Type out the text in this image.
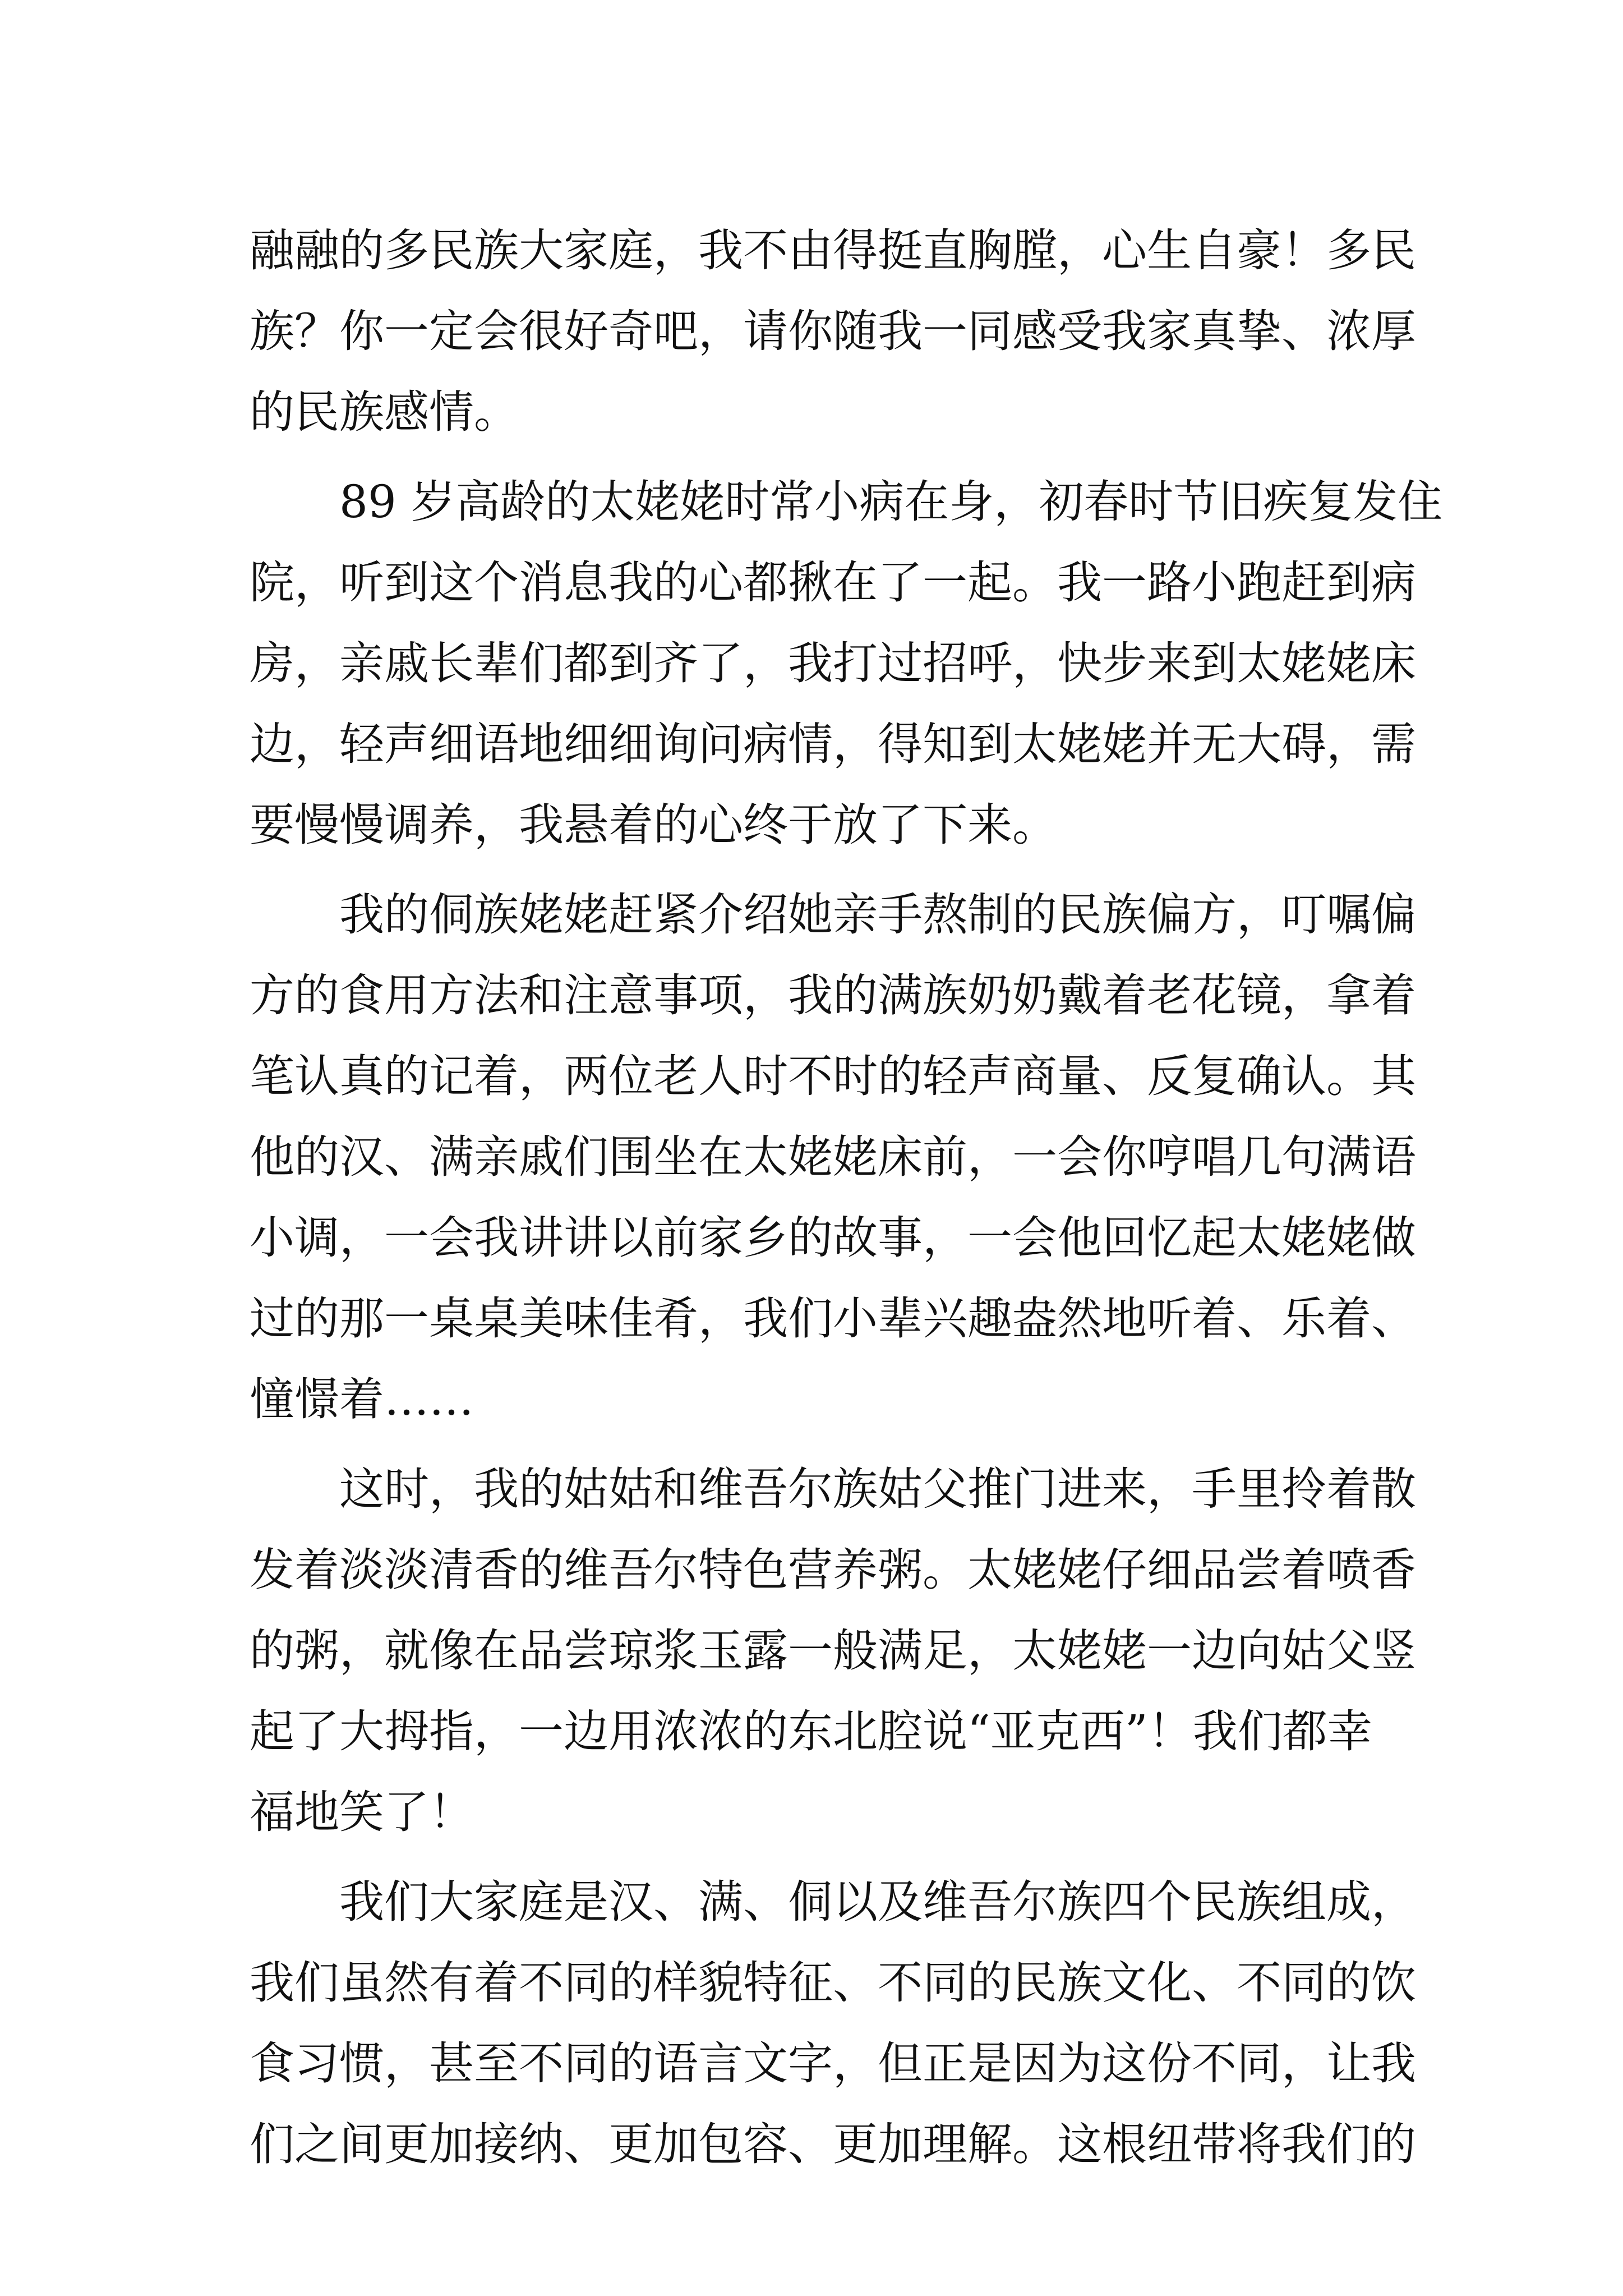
融融的多民族大家庭，我不由得挺直胸膛，心生自豪！多民
族？你一定会很好奇吧，请你随我一同感受我家真挚、浓厚
的民族感情。
89 岁高龄的太姥姥时常小病在身，初春时节旧疾复发住
院，听到这个消息我的心都揪在了一起。我一路小跑赶到病
房，亲戚长辈们都到齐了，我打过招呼，快步来到太姥姥床
边，轻声细语地细细询问病情，得知到太姥姥并无大碍，需
要慢慢调养，我悬着的心终于放了下来。
我的侗族姥姥赶紧介绍她亲手熬制的民族偏方，叮嘱偏
方的食用方法和注意事项，我的满族奶奶戴着老花镜，拿着
笔认真的记着，两位老人时不时的轻声商量、反复确认。其
他的汉、满亲戚们围坐在太姥姥床前，一会你哼唱几句满语
小调，一会我讲讲以前家乡的故事，一会他回忆起太姥姥做
过的那一桌桌美味佳肴，我们小辈兴趣盎然地听着、乐着、
憧憬着……
这时，我的姑姑和维吾尔族姑父推门进来，手里拎着散
发着淡淡清香的维吾尔特色营养粥。太姥姥仔细品尝着喷香
的粥，就像在品尝琼浆玉露一般满足，太姥姥一边向姑父竖
起了大拇指，一边用浓浓的东北腔说“亚克西”！我们都幸
福地笑了！
我们大家庭是汉、满、侗以及维吾尔族四个民族组成，
我们虽然有着不同的样貌特征、不同的民族文化、不同的饮
食习惯，甚至不同的语言文字，但正是因为这份不同，让我
们之间更加接纳、更加包容、更加理解。这根纽带将我们的
